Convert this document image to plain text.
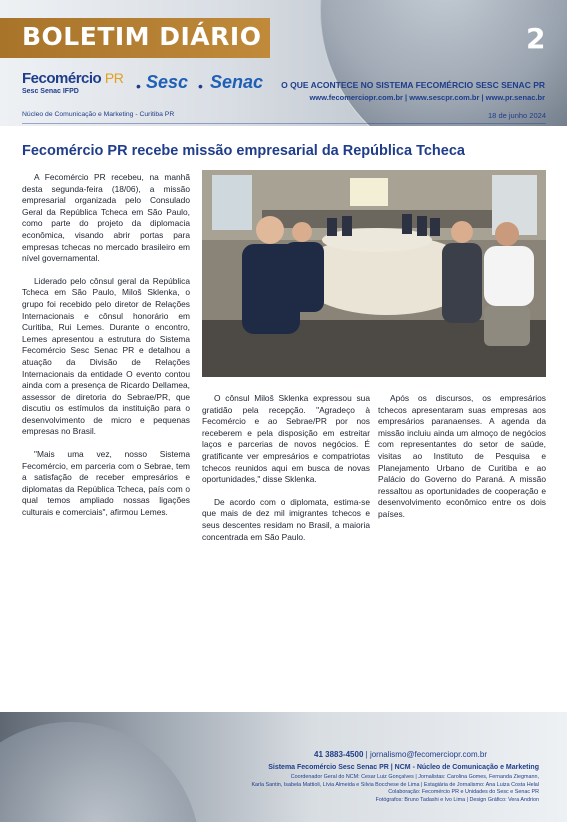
BOLETIM DIÁRIO	2
Fecomércio PR
Sesc Senac IFPD	• Sesc • Senac O QUE ACONTECE NO SISTEMA FECOMÉRCIO SESC SENAC PR
www.fecomerciopr.com.br | www.sescpr.com.br | www.pr.senac.br
Núcleo de Comunicação e Marketing - Curitiba PR	18 de junho 2024
Fecomércio PR recebe missão empresarial da República Tcheca

A Fecomércio PR recebeu, na manhã desta segunda-feira (18/06), a missão empresarial organizada pelo Consulado Geral da República Tcheca em São Paulo, como parte do projeto da diplomacia econômica, visando abrir portas para empresas tchecas no mercado brasileiro em nível governamental.

Liderado pelo cônsul geral da República Tcheca em São Paulo, Miloš Sklenka, o grupo foi recebido pelo diretor de Relações Internacionais e cônsul honorário em Curitiba, Rui Lemes. Durante o encontro, Lemes apresentou a estrutura do Sistema Fecomércio Sesc Senac PR e detalhou a atuação da Divisão de Relações Internacionais da entidade O evento contou ainda com a presença de Ricardo Dellamea, assessor de diretoria do Sebrae/PR, que discutiu os estímulos da instituição para o desenvolvimento de micro e pequenas empresas no Brasil.

"Mais uma vez, nosso Sistema Fecomércio, em parceria com o Sebrae, tem a satisfação de receber empresários e diplomatas da República Tcheca, país com o qual temos ampliado nossas ligações culturais e comerciais", afirmou Lemes.

O cônsul Miloš Sklenka expressou sua gratidão pela recepção. "Agradeço à Fecomércio e ao Sebrae/PR por nos receberem e pela disposição em estreitar laços e parcerias de novos negócios. É gratificante ver empresários e compatriotas tchecos reunidos aqui em busca de novas oportunidades," disse Sklenka.

De acordo com o diplomata, estima-se que mais de dez mil imigrantes tchecos e seus descentes residam no Brasil, a maioria concentrada em São Paulo.

Após os discursos, os empresários tchecos apresentaram suas empresas aos empresários paranaenses. A agenda da missão incluiu ainda um almoço de negócios com representantes do setor de saúde, visitas ao Instituto de Pesquisa e Planejamento Urbano de Curitiba e ao Palácio do Governo do Paraná. A missão ressaltou as oportunidades de cooperação e desenvolvimento econômico entre os dois países.

41 3883-4500 | jornalismo@fecomerciopr.com.br
Sistema Fecomércio Sesc Senac PR | NCM - Núcleo de Comunicação e Marketing
Coordenador Geral do NCM: Cesar Luiz Gonçalves | Jornalistas: Carolina Gomes, Fernanda Ziegmann,
Karla Santin, Isabela Mattioli, Lívia Almeida e Silvia Bocchese de Lima | Estagiária de Jornalismo: Ana Luiza Costa Helal
Colaboração: Fecomércio PR e Unidades do Sesc e Senac PR
Fotógrafos: Bruno Tadashi e Ivo Lima | Design Gráfico: Vera Andrion
